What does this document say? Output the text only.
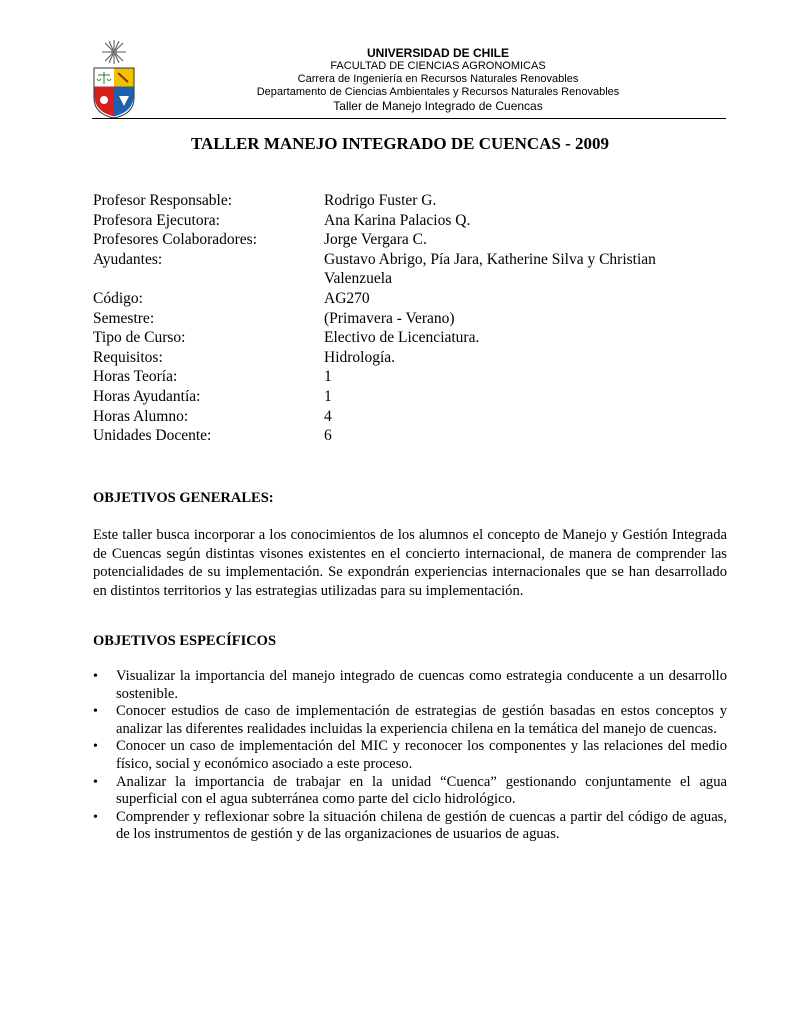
UNIVERSIDAD DE CHILE
FACULTAD DE CIENCIAS AGRONOMICAS
Carrera de Ingeniería en Recursos Naturales Renovables
Departamento de Ciencias Ambientales y Recursos Naturales Renovables
Taller de Manejo Integrado de Cuencas
TALLER MANEJO INTEGRADO DE CUENCAS - 2009
Profesor Responsable:	Rodrigo Fuster G.
Profesora Ejecutora:	Ana Karina Palacios Q.
Profesores Colaboradores:	Jorge Vergara C.
Ayudantes:	Gustavo Abrigo, Pía Jara, Katherine Silva y Christian Valenzuela
Código:	AG270
Semestre:	(Primavera - Verano)
Tipo de Curso:	Electivo de Licenciatura.
Requisitos:	Hidrología.
Horas Teoría:	1
Horas Ayudantía:	1
Horas Alumno:	4
Unidades Docente:	6
OBJETIVOS GENERALES:
Este taller busca incorporar a los conocimientos de los alumnos el concepto de Manejo y Gestión Integrada de Cuencas según distintas visones existentes en el concierto internacional, de manera de comprender las potencialidades de su implementación. Se expondrán experiencias internacionales que se han desarrollado en distintos territorios y las estrategias utilizadas para su implementación.
OBJETIVOS ESPECÍFICOS
•	Visualizar la importancia del manejo integrado de cuencas como estrategia conducente a un desarrollo sostenible.
•	Conocer estudios de caso de implementación de estrategias de gestión basadas en estos conceptos y analizar las diferentes realidades incluidas la experiencia chilena en la temática del manejo de cuencas.
•	Conocer un caso de implementación del MIC y reconocer los componentes y las relaciones del medio físico, social y económico asociado a este proceso.
•	Analizar la importancia de trabajar en la unidad “Cuenca” gestionando conjuntamente el agua superficial con el agua subterránea como parte del ciclo hidrológico.
•	Comprender y reflexionar sobre la situación chilena de gestión de cuencas a partir del código de aguas, de los instrumentos de gestión y de las organizaciones de usuarios de aguas.
